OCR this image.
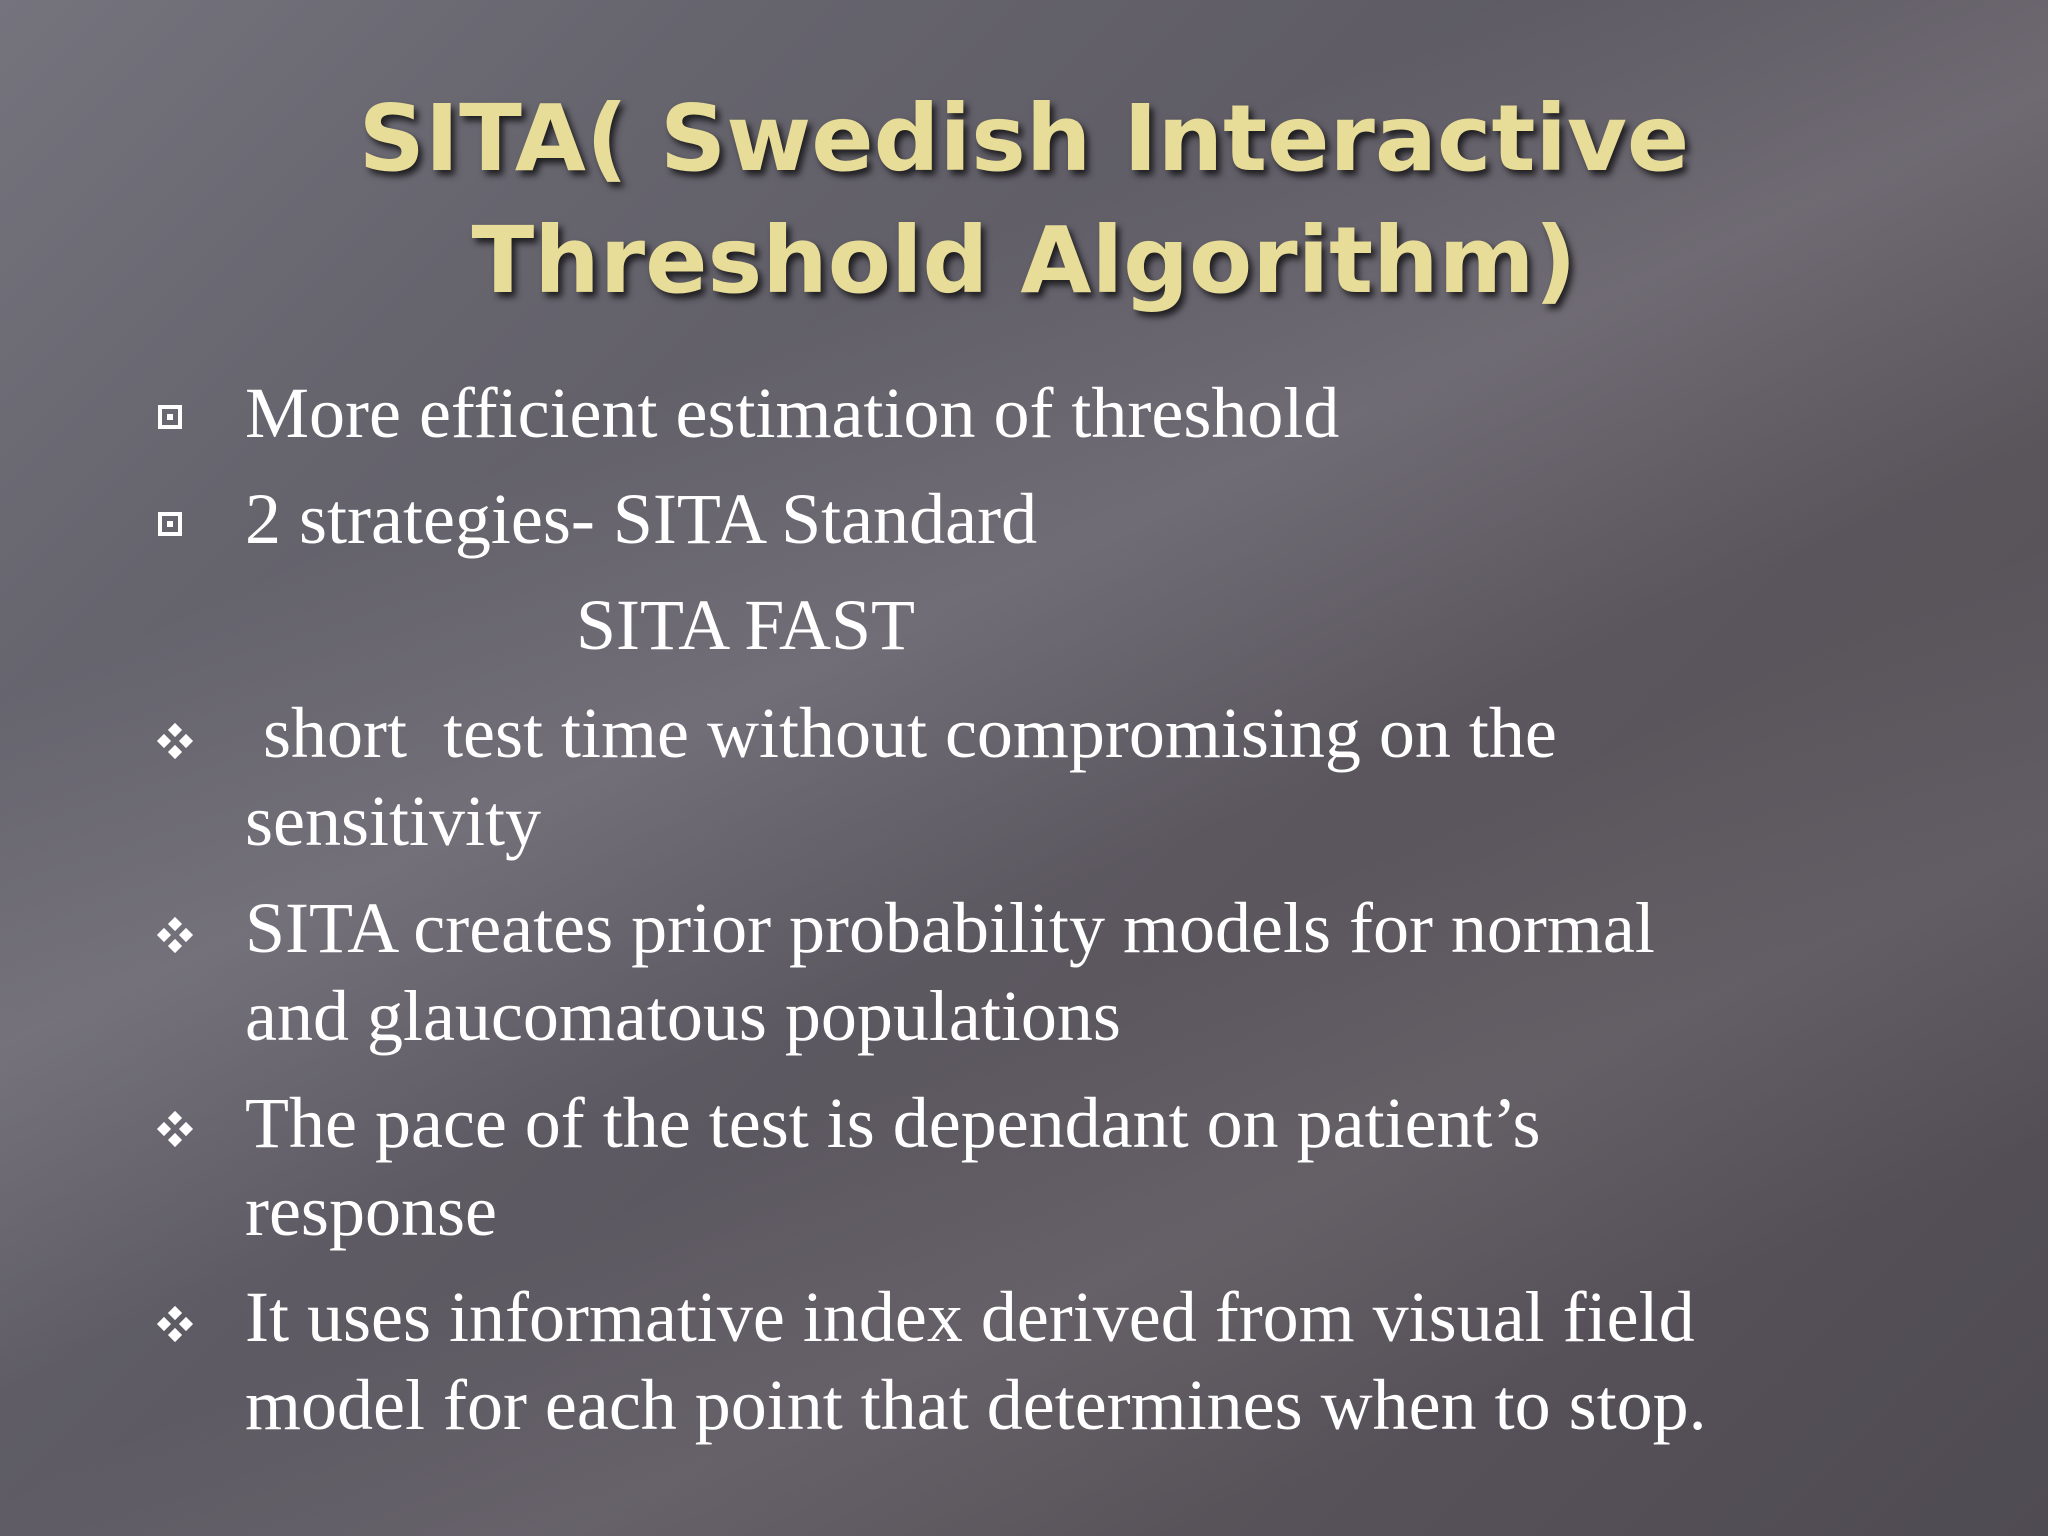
SITA( Swedish Interactive
Threshold Algorithm)
More efficient estimation of threshold
2 strategies- SITA Standard
SITA FAST
short  test time without compromising on the
sensitivity
SITA creates prior probability models for normal
and glaucomatous populations
The pace of the test is dependant on patient’s
response
It uses informative index derived from visual field
model for each point that determines when to stop.
